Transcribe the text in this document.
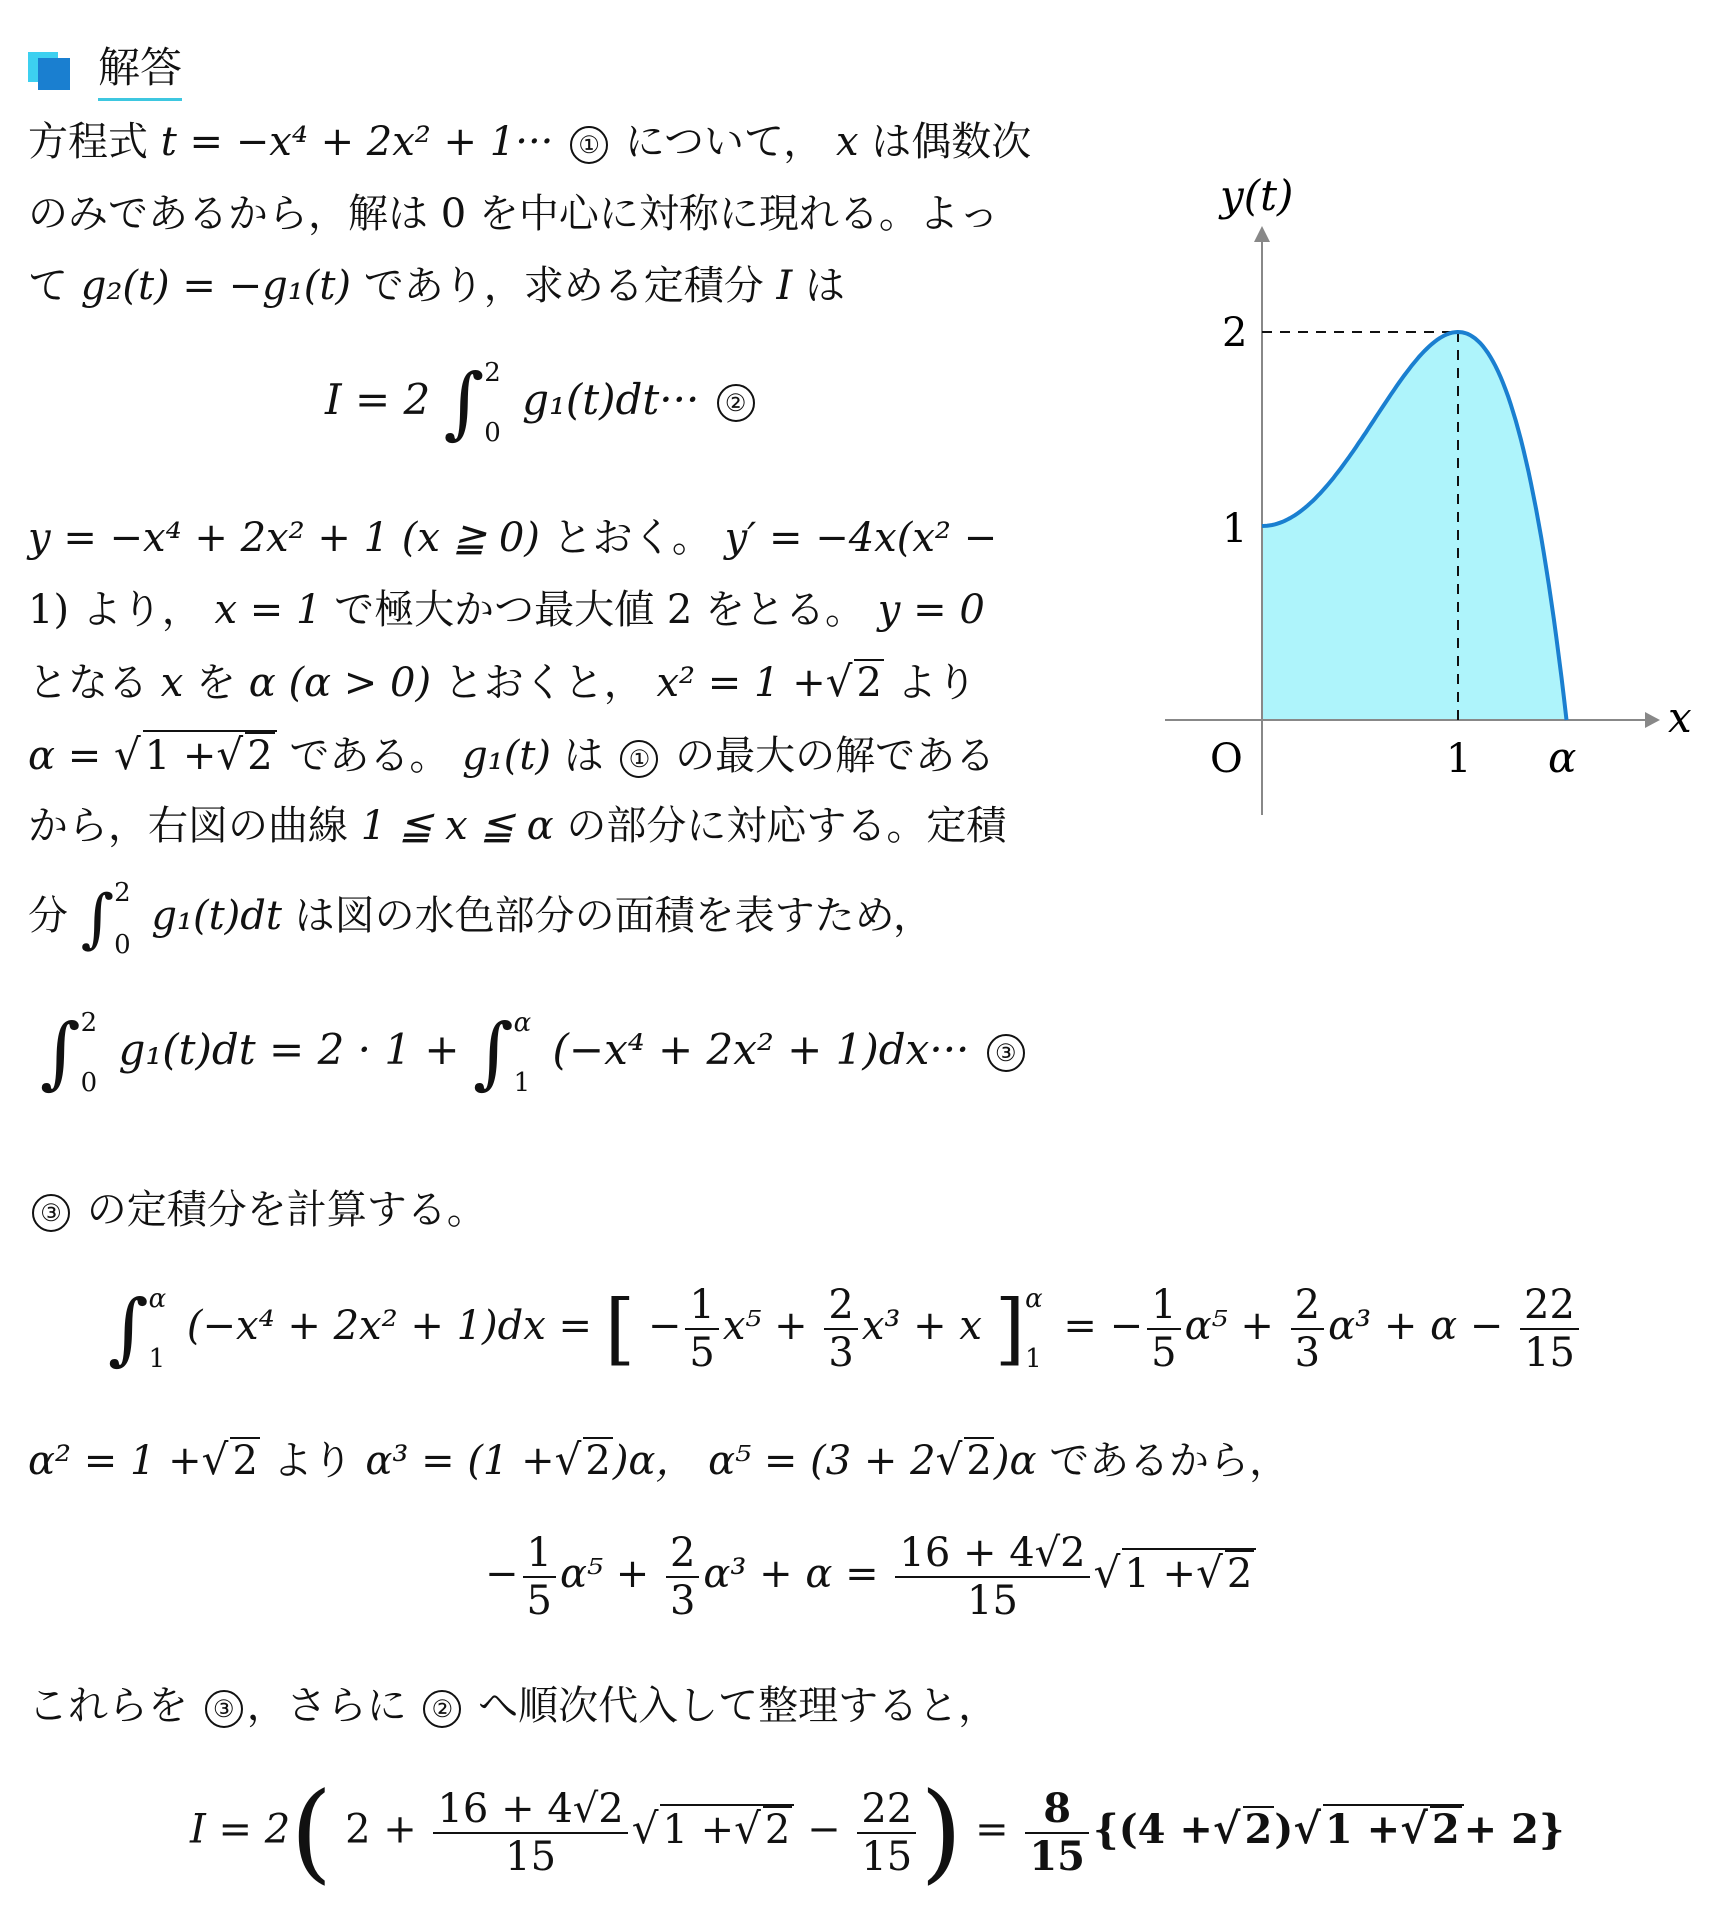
解答
方程式 t = −x⁴ + 2x² + 1··· ① について， x は偶数次
のみであるから，解は 0 を中心に対称に現れる。よっ
て g₂(t) = −g₁(t) であり，求める定積分 I は
I = 2 ∫ 2
0
g₁(t)dt··· ②
y = −x⁴ + 2x² + 1 (x ≧ 0) とおく。 y′ = −4x(x² −
1) より， x = 1 で極大かつ最大値 2 をとる。 y = 0
となる x を α (α > 0) とおくと， x² = 1 +√ 2 より
α = √ 1 +√ 2 である。 g₁(t) は ① の最大の解である
から，右図の曲線 1 ≦ x ≦ α の部分に対応する。定積
分 ∫ 2
0
g₁(t)dt は図の水色部分の面積を表すため，
∫ 2
0
g₁(t)dt = 2 · 1 + ∫ α
1
(−x⁴ + 2x² + 1)dx··· ③
③ の定積分を計算する。
∫ α
1
(−x⁴ + 2x² + 1)dx = [ − $\frac{1}{5} x^5 + \frac{2}{3} x^3 + x$ ] α
1
= − $\frac{1}{5} \alpha^5 + \frac{2}{3} \alpha^3 + \alpha - \frac{22}{15}$
α² = 1 +√ 2 より α³ = (1 +√ 2)α， α⁵ = (3 + 2√ 2)α であるから，
− $\frac{1}{5} \alpha^5 + \frac{2}{3} \alpha^3 + \alpha = \frac{16 + 4√2}{15}$ √ 1 +√ 2
これらを ③ ，さらに ② へ順次代入して整理すると，
I = 2( $2 + \frac{16 + 4√2}{15}$ √ 1 +√ $2 - \frac{22}{15}$ ) = $\frac{8}{15} \{(4$ +√ 2)√ 1 +√ 2 + 2}
y(t)
x
2
1
O	1 α
